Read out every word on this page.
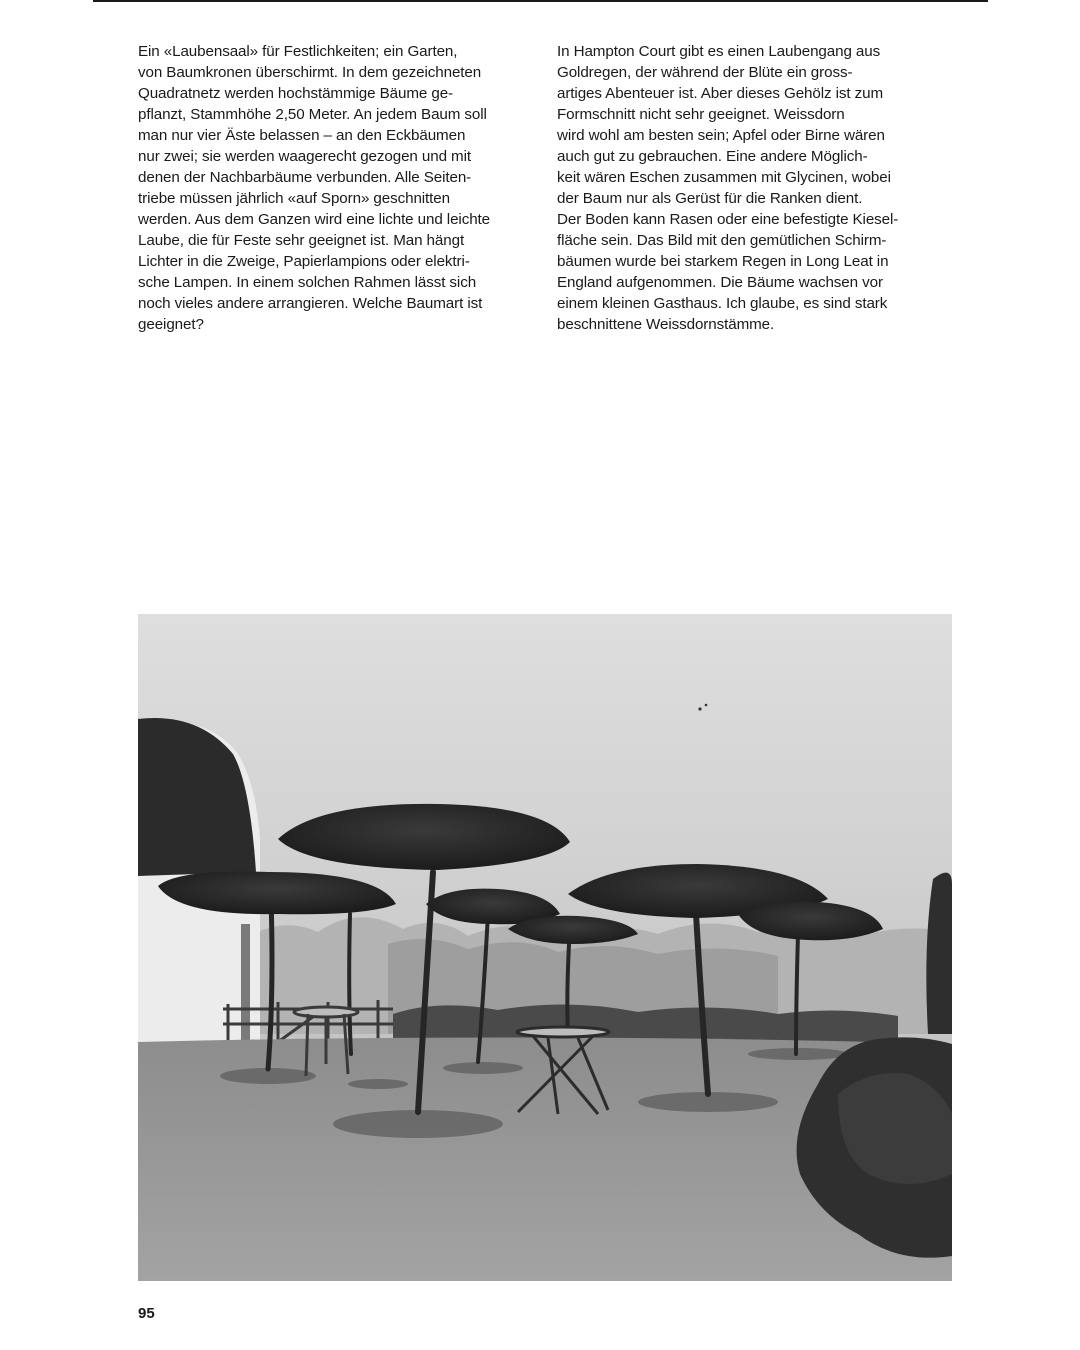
Ein «Laubensaal» für Festlichkeiten; ein Garten,
von Baumkronen überschirmt. In dem gezeichneten
Quadratnetz werden hochstämmige Bäume ge-
pflanzt, Stammhöhe 2,50 Meter. An jedem Baum soll
man nur vier Äste belassen – an den Eckbäumen
nur zwei; sie werden waagerecht gezogen und mit
denen der Nachbarbäume verbunden. Alle Seiten-
triebe müssen jährlich «auf Sporn» geschnitten
werden. Aus dem Ganzen wird eine lichte und leichte
Laube, die für Feste sehr geeignet ist. Man hängt
Lichter in die Zweige, Papierlampions oder elektri-
sche Lampen. In einem solchen Rahmen lässt sich
noch vieles andere arrangieren. Welche Baumart ist
geeignet?
In Hampton Court gibt es einen Laubengang aus
Goldregen, der während der Blüte ein gross-
artiges Abenteuer ist. Aber dieses Gehölz ist zum
Formschnitt nicht sehr geeignet. Weissdorn
wird wohl am besten sein; Apfel oder Birne wären
auch gut zu gebrauchen. Eine andere Möglich-
keit wären Eschen zusammen mit Glycinen, wobei
der Baum nur als Gerüst für die Ranken dient.
Der Boden kann Rasen oder eine befestigte Kiesel-
fläche sein. Das Bild mit den gemütlichen Schirm-
bäumen wurde bei starkem Regen in Long Leat in
England aufgenommen. Die Bäume wachsen vor
einem kleinen Gasthaus. Ich glaube, es sind stark
beschnittene Weissdornstämme.
95
